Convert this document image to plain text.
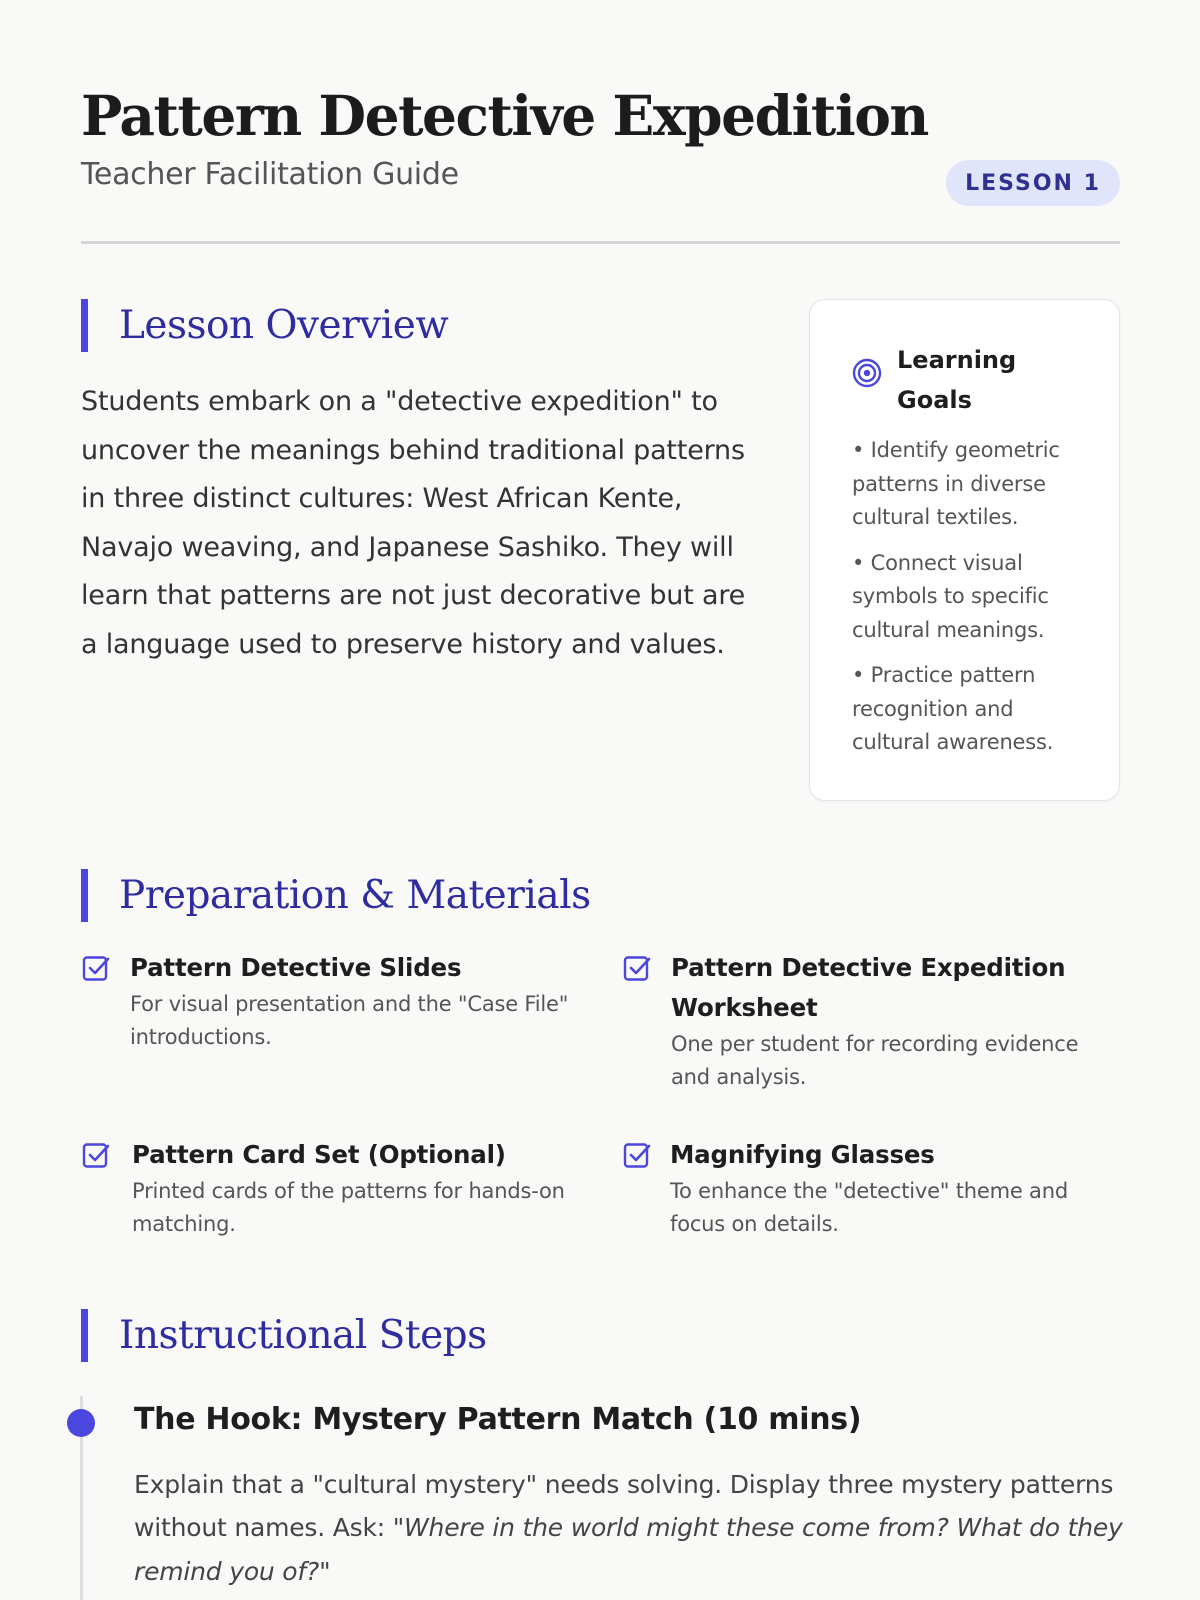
Pattern Detective Expedition
Teacher Facilitation Guide	LESSON 1
Lesson Overview

Students embark on a "detective expedition" to uncover the meanings behind traditional patterns in three distinct cultures: West African Kente, Navajo weaving, and Japanese Sashiko. They will learn that patterns are not just decorative but are a language used to preserve history and values.

Learning Goals
• Identify geometric patterns in diverse cultural textiles.
• Connect visual symbols to specific cultural meanings.
• Practice pattern recognition and cultural awareness.
Preparation & Materials
Pattern Detective Slides
For visual presentation and the "Case File" introductions.
Pattern Detective Expedition Worksheet
One per student for recording evidence and analysis.
Pattern Card Set (Optional)
Printed cards of the patterns for hands-on matching.
Magnifying Glasses
To enhance the "detective" theme and focus on details.
Instructional Steps
The Hook: Mystery Pattern Match (10 mins)

Explain that a "cultural mystery" needs solving. Display three mystery patterns without names. Ask: "Where in the world might these come from? What do they remind you of?"
